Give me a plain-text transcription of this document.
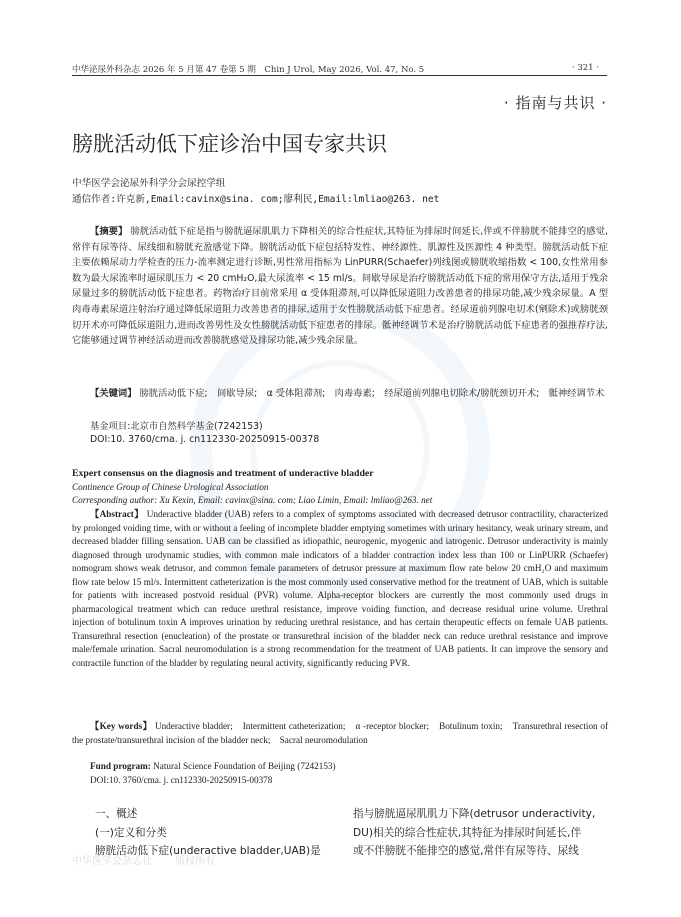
中华泌尿外科杂志 2026 年 5 月第 47 卷第 5 期　Chin J Urol, May 2026, Vol. 47, No. 5	· 321 ·
· 指南与共识 ·
膀胱活动低下症诊治中国专家共识
中华医学会泌尿外科学分会尿控学组
通信作者:许克新,Email:cavinx@sina. com;廖利民,Email:lmliao@263. net

【摘要】 膀胱活动低下症是指与膀胱逼尿肌肌力下降相关的综合性症状,其特征为排尿时间延长,伴或不伴膀胱不能排空的感觉,常伴有尿等待、尿线细和膀胱充盈感觉下降。膀胱活动低下症包括特发性、神经源性、肌源性及医源性 4 种类型。膀胱活动低下症主要依赖尿动力学检查的压力-流率测定进行诊断,男性常用指标为 LinPURR(Schaefer)列线图或膀胱收缩指数 < 100,女性常用参数为最大尿流率时逼尿肌压力 < 20 cmH₂O,最大尿流率 < 15 ml/s。间歇导尿是治疗膀胱活动低下症的常用保守方法,适用于残余尿量过多的膀胱活动低下症患者。药物治疗目前常采用 α 受体阻滞剂,可以降低尿道阻力改善患者的排尿功能,减少残余尿量。A 型肉毒毒素尿道注射治疗通过降低尿道阻力改善患者的排尿,适用于女性膀胱活动低下症患者。经尿道前列腺电切术(剜除术)或膀胱颈切开术亦可降低尿道阻力,进而改善男性及女性膀胱活动低下症患者的排尿。骶神经调节术是治疗膀胱活动低下症患者的强推荐疗法,它能够通过调节神经活动进而改善膀胱感觉及排尿功能,减少残余尿量。

【关键词】 膀胱活动低下症;　间歇导尿;　α 受体阻滞剂;　肉毒毒素;　经尿道前列腺电切除术/膀胱颈切开术;　骶神经调节术
基金项目:北京市自然科学基金(7242153)
DOI:10. 3760/cma. j. cn112330-20250915-00378
Expert consensus on the diagnosis and treatment of underactive bladder
Continence Group of Chinese Urological Association
Corresponding author: Xu Kexin, Email: cavinx@sina. com; Liao Limin, Email: lmliao@263. net

【Abstract】 Underactive bladder (UAB) refers to a complex of symptoms associated with decreased detrusor contractility, characterized by prolonged voiding time, with or without a feeling of incomplete bladder emptying sometimes with urinary hesitancy, weak urinary stream, and decreased bladder filling sensation. UAB can be classified as idiopathic, neurogenic, myogenic and iatrogenic. Detrusor underactivity is mainly diagnosed through urodynamic studies, with common male indicators of a bladder contraction index less than 100 or LinPURR (Schaefer) nomogram shows weak detrusor, and common female parameters of detrusor pressure at maximum flow rate below 20 cmH₂O and maximum flow rate below 15 ml/s. Intermittent catheterization is the most commonly used conservative method for the treatment of UAB, which is suitable for patients with increased postvoid residual (PVR) volume. Alpha-receptor blockers are currently the most commonly used drugs in pharmacological treatment which can reduce urethral resistance, improve voiding function, and decrease residual urine volume. Urethral injection of botulinum toxin A improves urination by reducing urethral resistance, and has certain therapeutic effects on female UAB patients. Transurethral resection (enucleation) of the prostate or transurethral incision of the bladder neck can reduce urethral resistance and improve male/female urination. Sacral neuromodulation is a strong recommendation for the treatment of UAB patients. It can improve the sensory and contractile function of the bladder by regulating neural activity, significantly reducing PVR.

【Key words】 Underactive bladder;　Intermittent catheterization;　α -receptor blocker;　Botulinum toxin;　Transurethral resection of the prostate/transurethral incision of the bladder neck;　Sacral neuromodulation
Fund program: Natural Science Foundation of Beijing (7242153)
DOI:10. 3760/cma. j. cn112330-20250915-00378
一、概述
(一)定义和分类
膀胱活动低下症(underactive bladder,UAB)是
指与膀胱逼尿肌肌力下降(detrusor underactivity,
DU)相关的综合性症状,其特征为排尿时间延长,伴
或不伴膀胱不能排空的感觉,常伴有尿等待、尿线
中华医学会杂志社 版权所有
